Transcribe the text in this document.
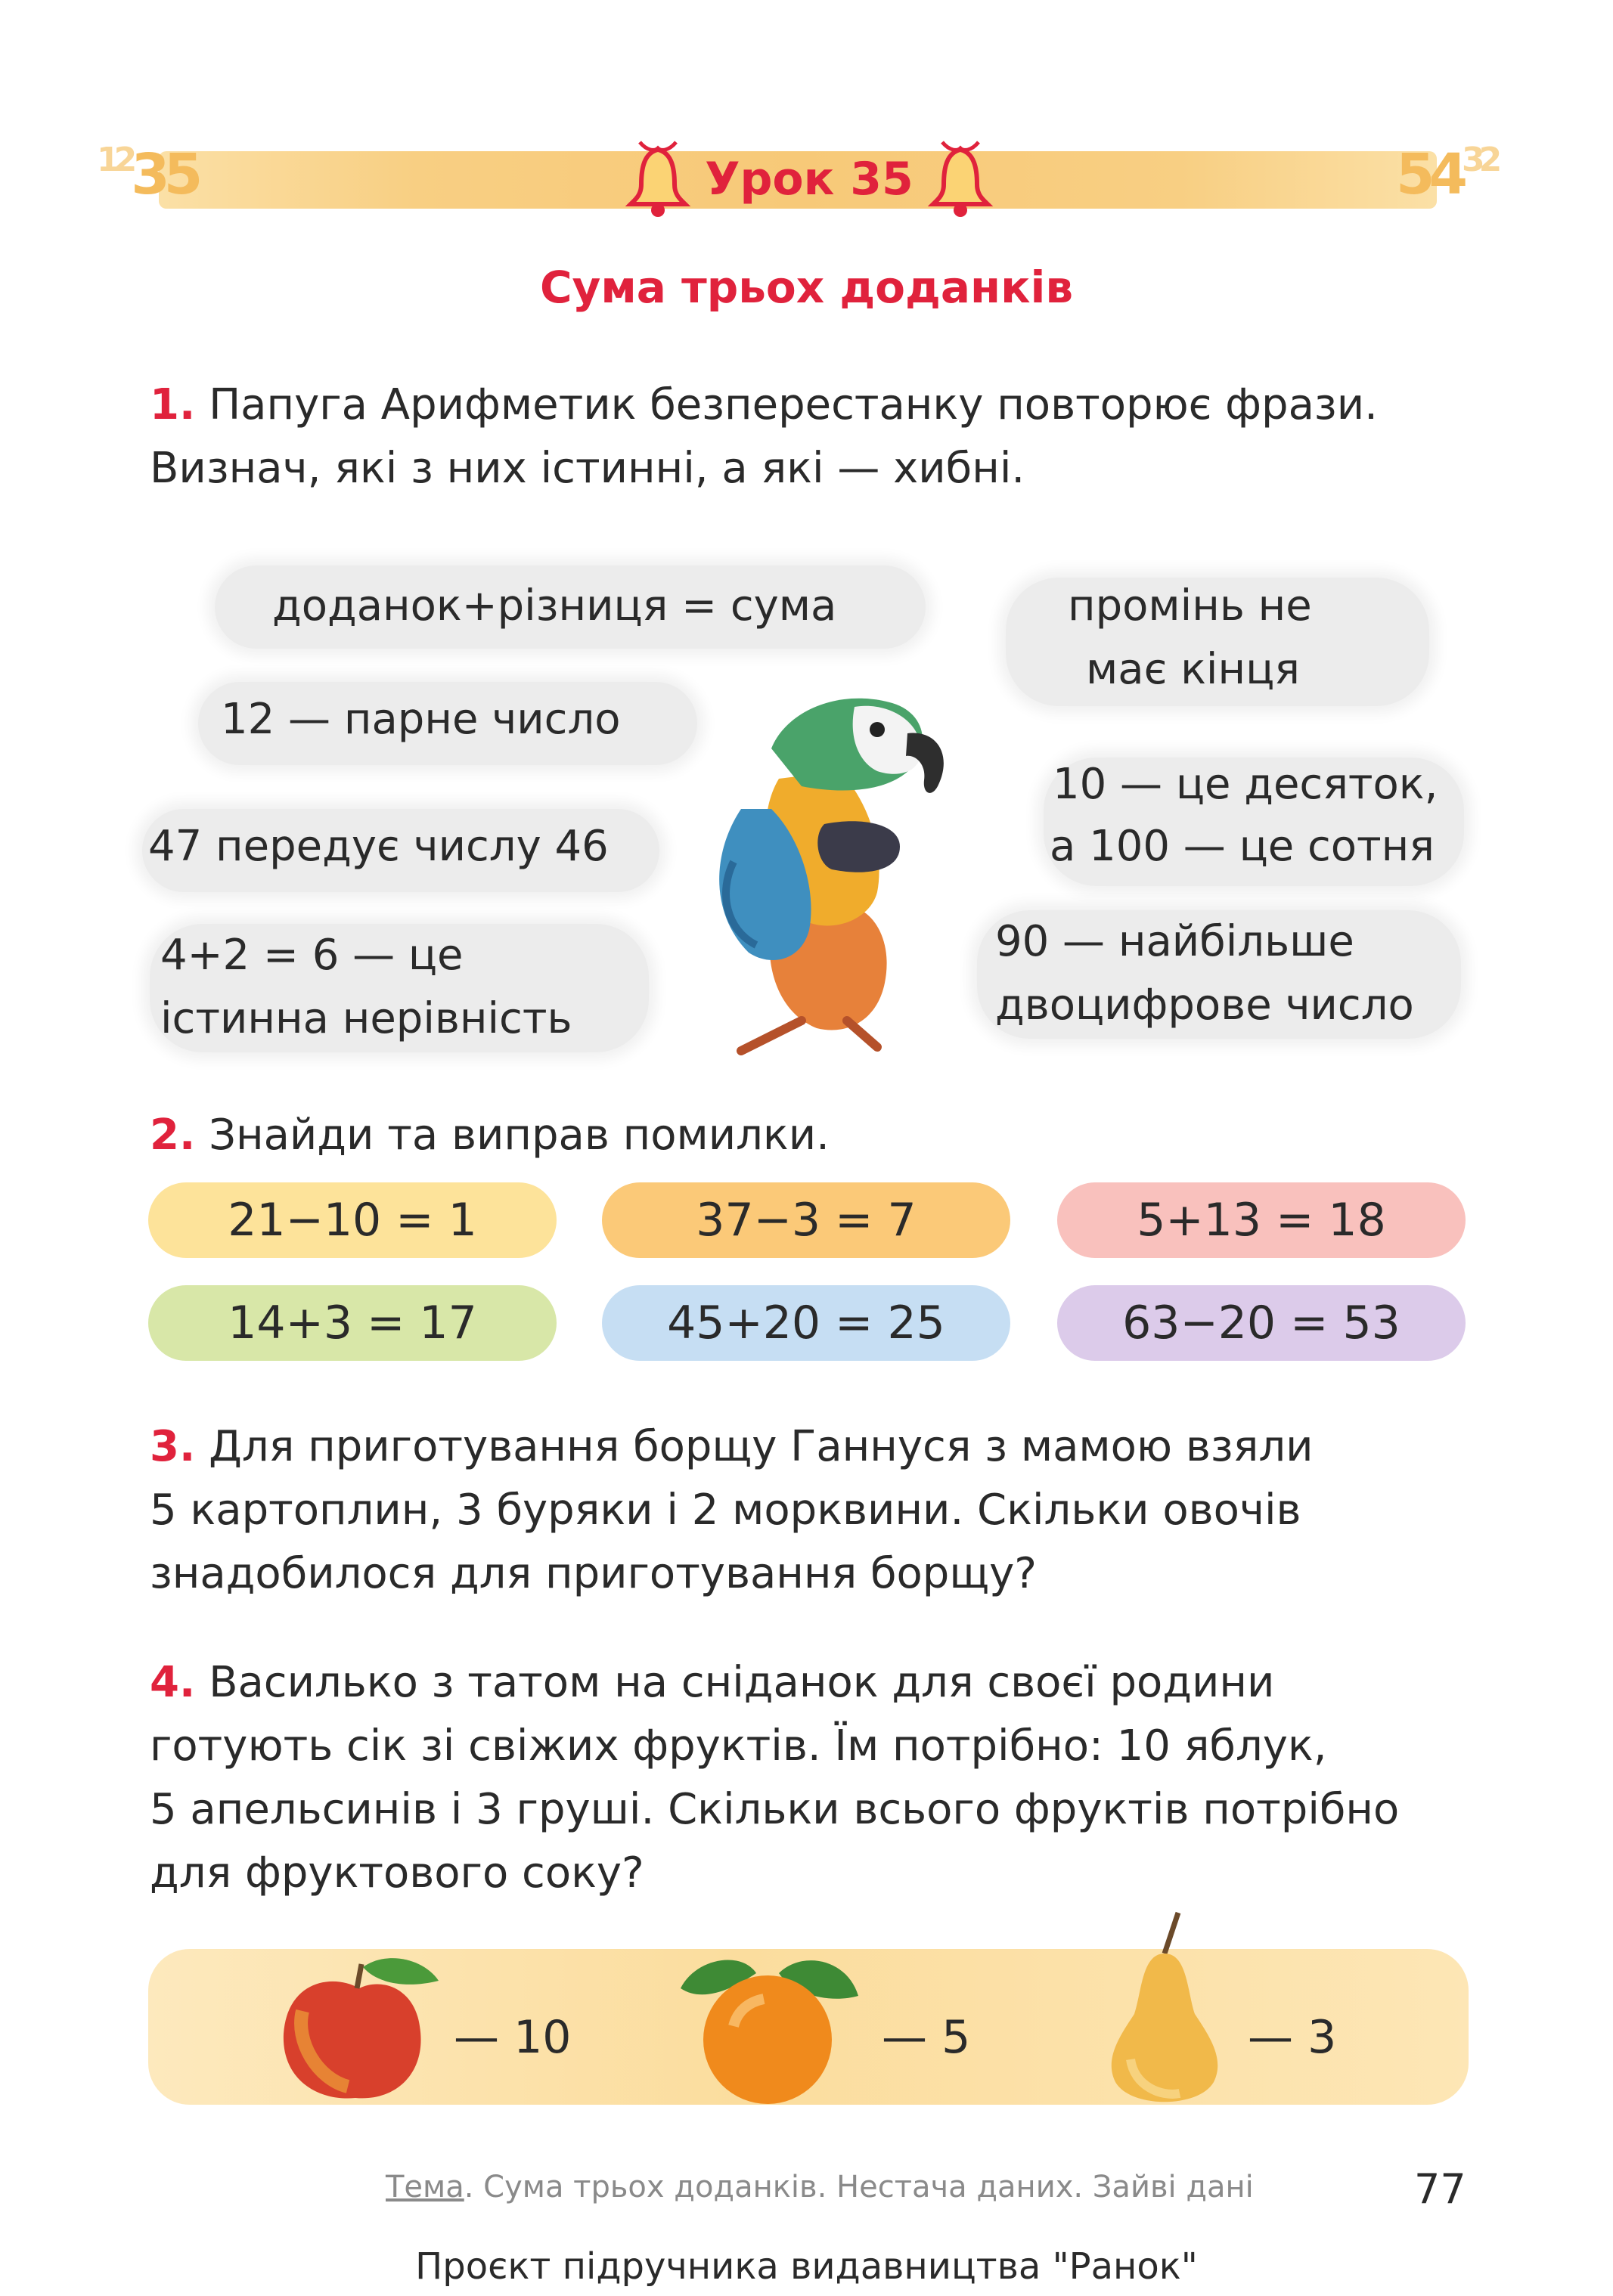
$^{12}$35	$54^{32}$
Урок 35
Сума трьох доданків
1. Папуга Арифметик безперестанку повторює фрази.
Визнач, які з них істинні, а які — хибні.
доданок+різниця = сума	промінь не
має кінця
12 — парне число
10 — це десяток,
а 100 — це сотня
47 передує числу 46
4+2 = 6 — це
істинна нерівність
90 — найбільше
двоцифрове число
2. Знайди та виправ помилки.
21−10 = 1	37−3 = 7	5+13 = 18
14+3 = 17	45+20 = 25	63−20 = 53
3. Для приготування борщу Ганнуся з мамою взяли
5 картоплин, 3 буряки і 2 морквини. Скільки овочів
знадобилося для приготування борщу?
4. Василько з татом на сніданок для своєї родини
готують сік зі свіжих фруктів. Їм потрібно: 10 яблук,
5 апельсинів і 3 груші. Скільки всього фруктів потрібно
для фруктового соку?
— 10	— 5	— 3
Тема. Сума трьох доданків. Нестача даних. Зайві дані	77
Проєкт підручника видавництва "Ранок"
